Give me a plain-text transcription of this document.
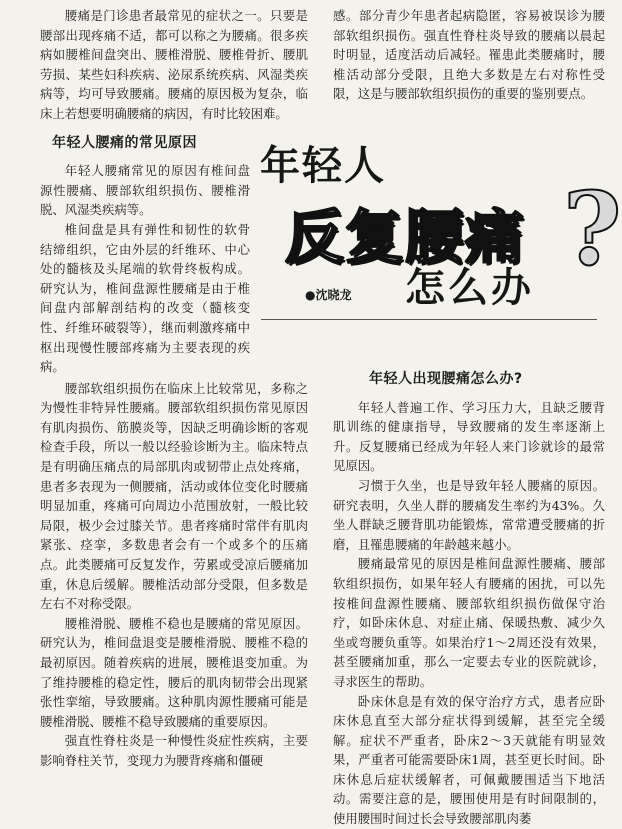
腰痛是门诊患者最常见的症状之一。只要是腰部出现疼痛不适，都可以称之为腰痛。很多疾病如腰椎间盘突出、腰椎滑脱、腰椎骨折、腰肌劳损、某些妇科疾病、泌尿系统疾病、风湿类疾病等，均可导致腰痛。腰痛的原因极为复杂，临床上若想要明确腰痛的病因，有时比较困难。

年轻人腰痛的常见原因

年轻人腰痛常见的原因有椎间盘源性腰痛、腰部软组织损伤、腰椎滑脱、风湿类疾病等。

椎间盘是具有弹性和韧性的软骨结缔组织，它由外层的纤维环、中心处的髓核及头尾端的软骨终板构成。研究认为，椎间盘源性腰痛是由于椎间盘内部解剖结构的改变（髓核变性、纤维环破裂等），继而刺激疼痛中枢出现慢性腰部疼痛为主要表现的疾病。

腰部软组织损伤在临床上比较常见，多称之为慢性非特异性腰痛。腰部软组织损伤常见原因有肌肉损伤、筋膜炎等，因缺乏明确诊断的客观检查手段，所以一般以经验诊断为主。临床特点是有明确压痛点的局部肌肉或韧带止点处疼痛，患者多表现为一侧腰痛，活动或体位变化时腰痛明显加重，疼痛可向周边小范围放射，一般比较局限，极少会过膝关节。患者疼痛时常伴有肌肉紧张、痉挛，多数患者会有一个或多个的压痛点。此类腰痛可反复发作，劳累或受凉后腰痛加重，休息后缓解。腰椎活动部分受限，但多数是左右不对称受限。

腰椎滑脱、腰椎不稳也是腰痛的常见原因。研究认为，椎间盘退变是腰椎滑脱、腰椎不稳的最初原因。随着疾病的进展，腰椎退变加重。为了维持腰椎的稳定性，腰后的肌肉韧带会出现紧张性挛缩，导致腰痛。这种肌肉源性腰痛可能是腰椎滑脱、腰椎不稳导致腰痛的重要原因。

强直性脊柱炎是一种慢性炎症性疾病，主要影响脊柱关节，变现力为腰背疼痛和僵硬

感。部分青少年患者起病隐匿，容易被误诊为腰部软组织损伤。强直性脊柱炎导致的腰痛以晨起时明显，适度活动后减轻。罹患此类腰痛时，腰椎活动部分受限，且绝大多数是左右对称性受限，这是与腰部软组织损伤的重要的鉴别要点。

年轻人
反复腰痛 ?
●沈晓龙 怎么办
年轻人出现腰痛怎么办?

年轻人普遍工作、学习压力大，且缺乏腰背肌训练的健康指导，导致腰痛的发生率逐渐上升。反复腰痛已经成为年轻人来门诊就诊的最常见原因。

习惯于久坐，也是导致年轻人腰痛的原因。研究表明，久坐人群的腰痛发生率约为43%。久坐人群缺乏腰背肌功能锻炼，常常遭受腰痛的折磨，且罹患腰痛的年龄越来越小。

腰痛最常见的原因是椎间盘源性腰痛、腰部软组织损伤，如果年轻人有腰痛的困扰，可以先按椎间盘源性腰痛、腰部软组织损伤做保守治疗，如卧床休息、对症止痛、保暖热敷、减少久坐或弯腰负重等。如果治疗1～2周还没有效果，甚至腰痛加重，那么一定要去专业的医院就诊，寻求医生的帮助。

卧床休息是有效的保守治疗方式，患者应卧床休息直至大部分症状得到缓解，甚至完全缓解。症状不严重者，卧床2～3天就能有明显效果，严重者可能需要卧床1周，甚至更长时间。卧床休息后症状缓解者，可佩戴腰围适当下地活动。需要注意的是，腰围使用是有时间限制的，使用腰围时间过长会导致腰部肌肉萎
